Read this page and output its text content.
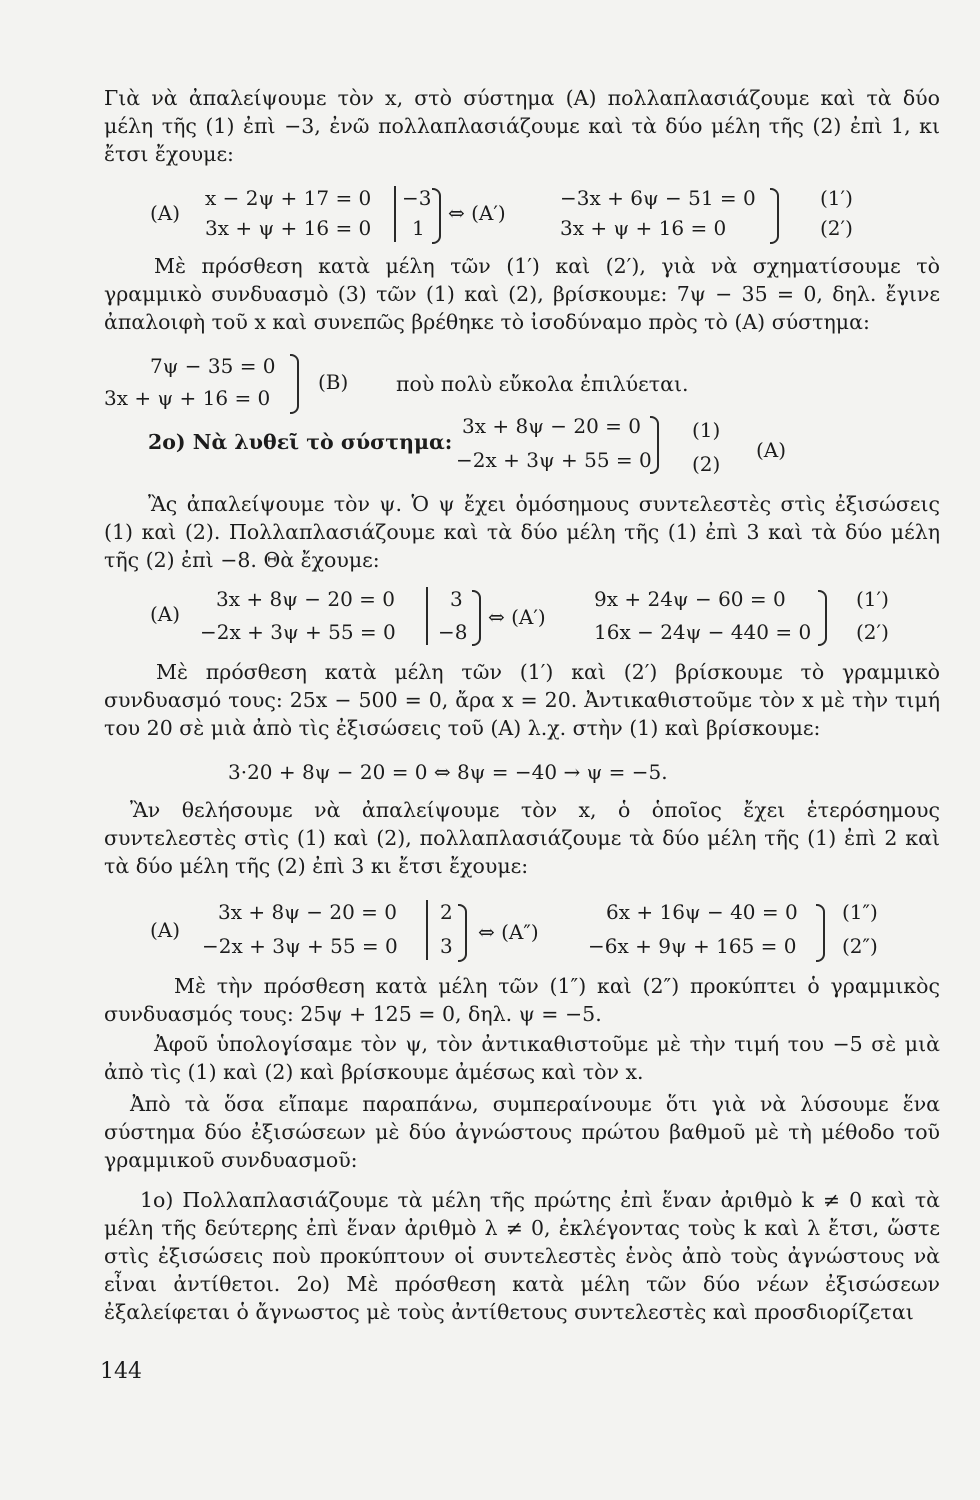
Γιὰ νὰ ἀπαλείψουμε τὸν x, στὸ σύστημα (A) πολλαπλασιάζουμε καὶ τὰ δύο μέλη τῆς (1) ἐπὶ −3, ἐνῶ πολλαπλασιάζουμε καὶ τὰ δύο μέλη τῆς (2) ἐπὶ 1, κι ἔτσι ἔχουμε:

(A)
x − 2ψ + 17 = 0
3x + ψ + 16 = 0
−3
1
⇔ (A′)
−3x + 6ψ − 51 = 0
3x + ψ + 16 = 0
(1′)
(2′)

Μὲ πρόσθεση κατὰ μέλη τῶν (1′) καὶ (2′), γιὰ νὰ σχηματίσουμε τὸ γραμμικὸ συνδυασμὸ (3) τῶν (1) καὶ (2), βρίσκουμε: 7ψ − 35 = 0, δηλ. ἔγινε ἀπαλοιφὴ τοῦ x καὶ συνεπῶς βρέθηκε τὸ ἰσοδύναμο πρὸς τὸ (A) σύστημα:

7ψ − 35 = 0
3x + ψ + 16 = 0
(B) ποὺ πολὺ εὔκολα ἐπιλύεται.
2ο) Νὰ λυθεῖ τὸ σύστημα:
3x + 8ψ − 20 = 0
−2x + 3ψ + 55 = 0
(1)
(2)
(A)

Ἂς ἀπαλείψουμε τὸν ψ. Ὁ ψ ἔχει ὁμόσημους συντελεστὲς στὶς ἐξισώσεις (1) καὶ (2). Πολλαπλασιάζουμε καὶ τὰ δύο μέλη τῆς (1) ἐπὶ 3 καὶ τὰ δύο μέλη τῆς (2) ἐπὶ −8. Θὰ ἔχουμε:

(A)
3x + 8ψ − 20 = 0
−2x + 3ψ + 55 = 0
3
−8
⇔ (A′)
9x + 24ψ − 60 = 0
16x − 24ψ − 440 = 0
(1′)
(2′)

Μὲ πρόσθεση κατὰ μέλη τῶν (1′) καὶ (2′) βρίσκουμε τὸ γραμμικὸ συνδυασμό τους: 25x − 500 = 0, ἄρα x = 20. Ἀντικαθιστοῦμε τὸν x μὲ τὴν τιμή του 20 σὲ μιὰ ἀπὸ τὶς ἐξισώσεις τοῦ (A) λ.χ. στὴν (1) καὶ βρίσκουμε:

3·20 + 8ψ − 20 = 0 ⇔ 8ψ = −40 → ψ = −5.

Ἂν θελήσουμε νὰ ἀπαλείψουμε τὸν x, ὁ ὁποῖος ἔχει ἑτερόσημους συντελεστὲς στὶς (1) καὶ (2), πολλαπλασιάζουμε τὰ δύο μέλη τῆς (1) ἐπὶ 2 καὶ τὰ δύο μέλη τῆς (2) ἐπὶ 3 κι ἔτσι ἔχουμε:

(A)
3x + 8ψ − 20 = 0
−2x + 3ψ + 55 = 0
2
3
⇔ (A″)
6x + 16ψ − 40 = 0
−6x + 9ψ + 165 = 0
(1″)
(2″)

Μὲ τὴν πρόσθεση κατὰ μέλη τῶν (1″) καὶ (2″) προκύπτει ὁ γραμμικὸς συνδυασμός τους: 25ψ + 125 = 0, δηλ. ψ = −5.

Ἀφοῦ ὑπολογίσαμε τὸν ψ, τὸν ἀντικαθιστοῦμε μὲ τὴν τιμή του −5 σὲ μιὰ ἀπὸ τὶς (1) καὶ (2) καὶ βρίσκουμε ἀμέσως καὶ τὸν x.

Ἀπὸ τὰ ὅσα εἴπαμε παραπάνω, συμπεραίνουμε ὅτι γιὰ νὰ λύσουμε ἕνα σύστημα δύο ἐξισώσεων μὲ δύο ἀγνώστους πρώτου βαθμοῦ μὲ τὴ μέθοδο τοῦ γραμμικοῦ συνδυασμοῦ:

1ο) Πολλαπλασιάζουμε τὰ μέλη τῆς πρώτης ἐπὶ ἕναν ἀριθμὸ k ≠ 0 καὶ τὰ μέλη τῆς δεύτερης ἐπὶ ἕναν ἀριθμὸ λ ≠ 0, ἐκλέγοντας τοὺς k καὶ λ ἔτσι, ὥστε στὶς ἐξισώσεις ποὺ προκύπτουν οἱ συντελεστὲς ἑνὸς ἀπὸ τοὺς ἀγνώστους νὰ εἶναι ἀντίθετοι. 2ο) Μὲ πρόσθεση κατὰ μέλη τῶν δύο νέων ἐξισώσεων ἐξαλείφεται ὁ ἄγνωστος μὲ τοὺς ἀντίθετους συντελεστὲς καὶ προσδιορίζεται

144
